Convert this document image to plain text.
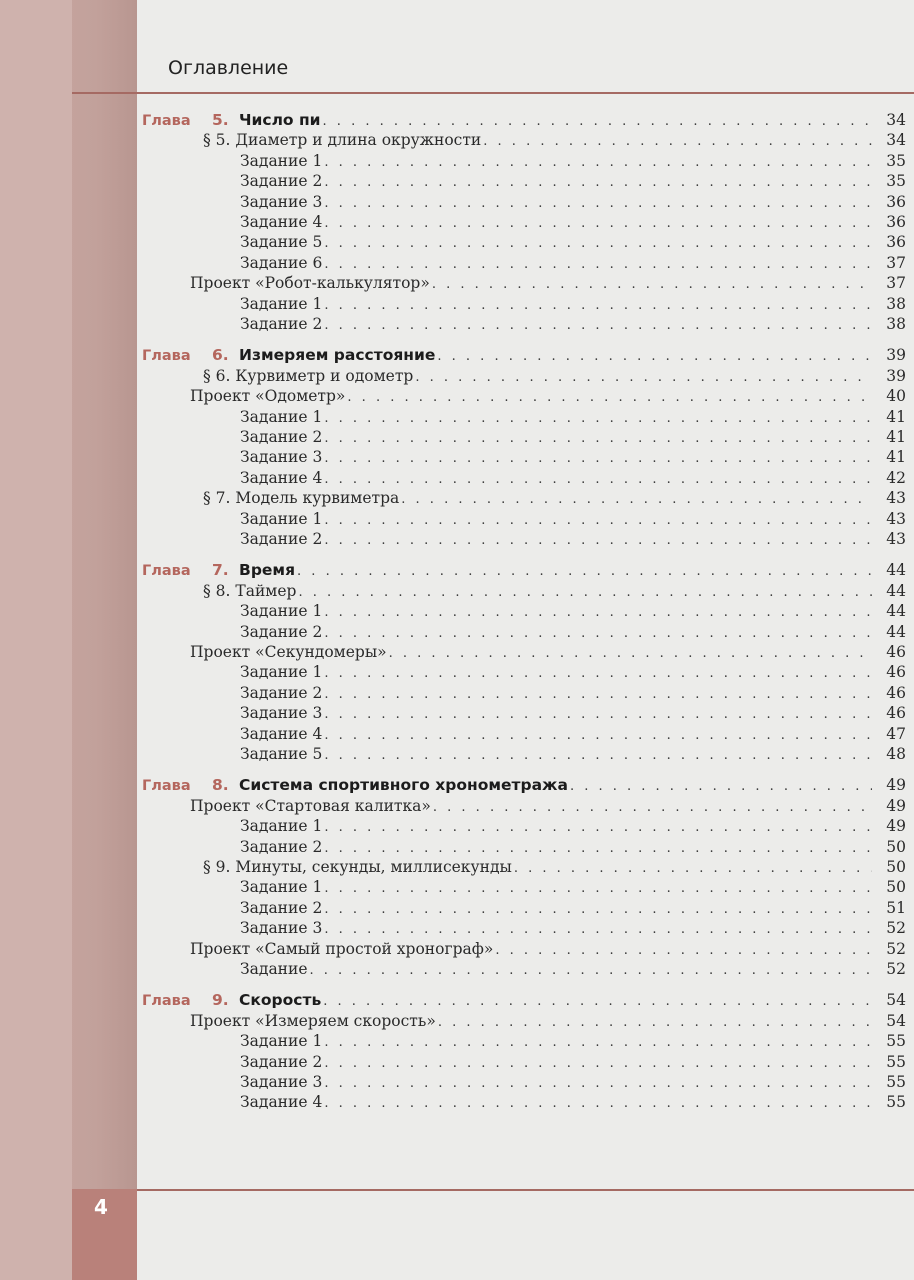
Оглавление
Глава 5. Число пи . . .	34
§ 5. Диаметр и длина окружности . . .	34
Задание 1 . . .	35
Задание 2 . . .	35
Задание 3 . . .	36
Задание 4 . . .	36
Задание 5 . . .	36
Задание 6 . . .	37
Проект «Робот-калькулятор» . . .	37
Задание 1 . . .	38
Задание 2 . . .	38
Глава 6. Измеряем расстояние . . .	39
§ 6. Курвиметр и одометр . . .	39
Проект «Одометр» . . .	40
Задание 1 . . .	41
Задание 2 . . .	41
Задание 3 . . .	41
Задание 4 . . .	42
§ 7. Модель курвиметра . . .	43
Задание 1 . . .	43
Задание 2 . . .	43
Глава 7. Время . . .	44
§ 8. Таймер . . .	44
Задание 1 . . .	44
Задание 2 . . .	44
Проект «Секундомеры» . . .	46
Задание 1 . . .	46
Задание 2 . . .	46
Задание 3 . . .	46
Задание 4 . . .	47
Задание 5 . . .	48
Глава 8. Система спортивного хронометража . . .	49
Проект «Стартовая калитка» . . .	49
Задание 1 . . .	49
Задание 2 . . .	50
§ 9. Минуты, секунды, миллисекунды . . .	50
Задание 1 . . .	50
Задание 2 . . .	51
Задание 3 . . .	52
Проект «Самый простой хронограф» . . .	52
Задание . . .	52
Глава 9. Скорость . . .	54
Проект «Измеряем скорость» . . .	54
Задание 1 . . .	55
Задание 2 . . .	55
Задание 3 . . .	55
Задание 4 . . .	55
4
